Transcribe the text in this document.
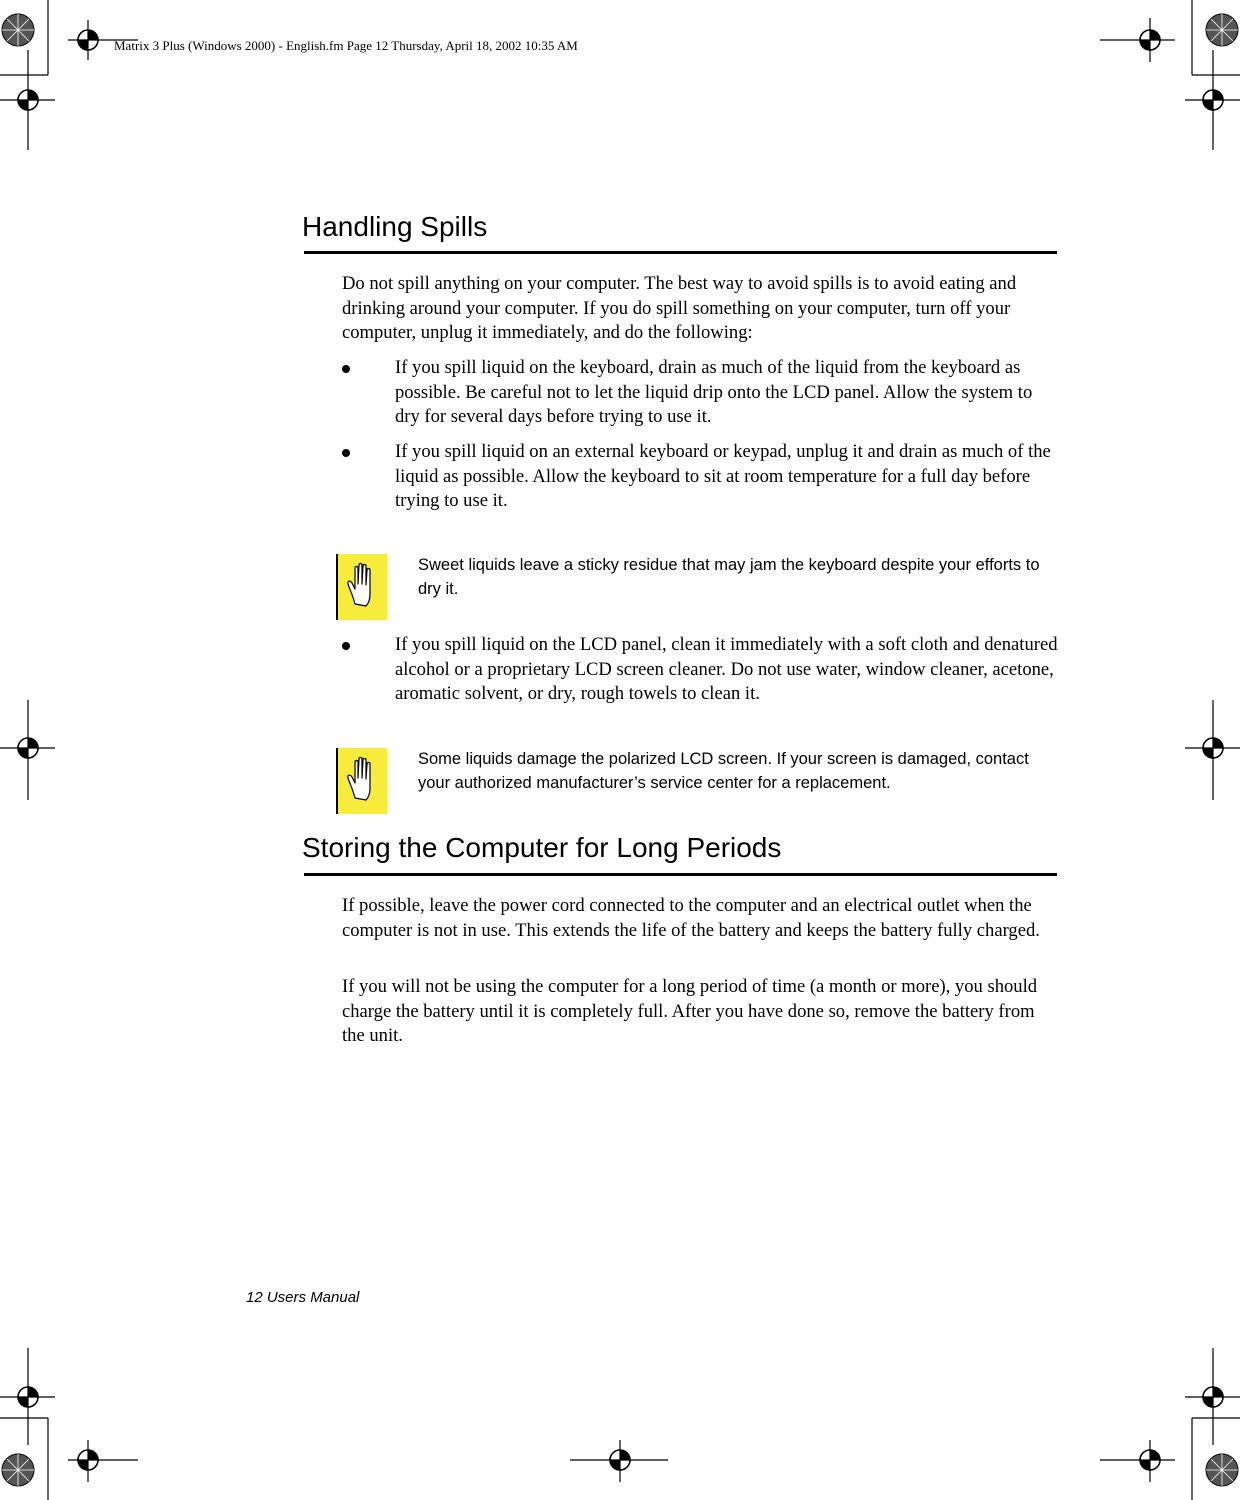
Matrix 3 Plus (Windows 2000) - English.fm Page 12 Thursday, April 18, 2002 10:35 AM
Handling Spills

Do not spill anything on your computer. The best way to avoid spills is to avoid eating and drinking around your computer. If you do spill something on your computer, turn off your computer, unplug it immediately, and do the following:

If you spill liquid on the keyboard, drain as much of the liquid from the keyboard as possible. Be careful not to let the liquid drip onto the LCD panel. Allow the system to dry for several days before trying to use it.

If you spill liquid on an external keyboard or keypad, unplug it and drain as much of the liquid as possible. Allow the keyboard to sit at room temperature for a full day before trying to use it.

Sweet liquids leave a sticky residue that may jam the keyboard despite your efforts to dry it.

If you spill liquid on the LCD panel, clean it immediately with a soft cloth and denatured alcohol or a proprietary LCD screen cleaner. Do not use water, window cleaner, acetone, aromatic solvent, or dry, rough towels to clean it.

Some liquids damage the polarized LCD screen. If your screen is damaged, contact your authorized manufacturer’s service center for a replacement.

Storing the Computer for Long Periods

If possible, leave the power cord connected to the computer and an electrical outlet when the computer is not in use. This extends the life of the battery and keeps the battery fully charged.

If you will not be using the computer for a long period of time (a month or more), you should charge the battery until it is completely full. After you have done so, remove the battery from the unit.

12 Users Manual
